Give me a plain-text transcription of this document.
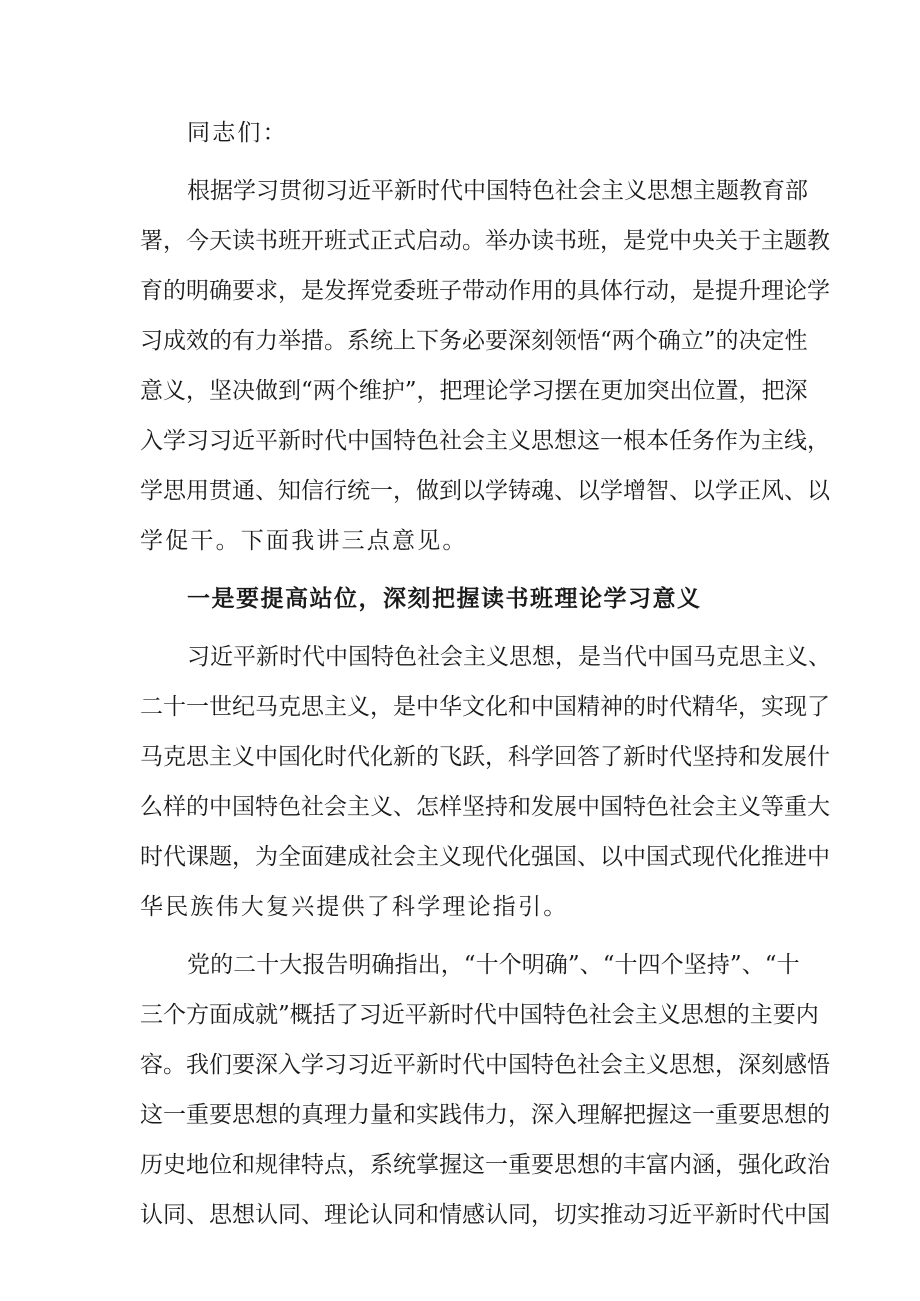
同志们：
根 据 学 习 贯 彻 习 近 平 新 时 代 中 国 特 色 社 会 主 义 思 想 主 题 教 育 部
署 ， 今 天 读 书 班 开 班 式 正 式 启 动 。 举 办 读 书 班 ， 是 党 中 央 关 于 主 题 教
育 的 明 确 要 求 ， 是 发 挥 党 委 班 子 带 动 作 用 的 具 体 行 动 ， 是 提 升 理 论 学
习 成 效 的 有 力 举 措 。 系 统 上 下 务 必 要 深 刻 领 悟 “ 两 个 确 立 ” 的 决 定 性
意 义 ， 坚 决 做 到 “ 两 个 维 护 ” ， 把 理 论 学 习 摆 在 更 加 突 出 位 置 ， 把 深
入 学 习 习 近 平 新 时 代 中 国 特 色 社 会 主 义 思 想 这 一 根 本 任 务 作 为 主 线 ，
学 思 用 贯 通 、 知 信 行 统 一 ， 做 到 以 学 铸 魂 、 以 学 增 智 、 以 学 正 风 、 以
学促干。下面我讲三点意见。
一是要提高站位，深刻把握读书班理论学习意义
习 近 平 新 时 代 中 国 特 色 社 会 主 义 思 想 ， 是 当 代 中 国 马 克 思 主 义 、
二 十 一 世 纪 马 克 思 主 义 ， 是 中 华 文 化 和 中 国 精 神 的 时 代 精 华 ， 实 现 了
马 克 思 主 义 中 国 化 时 代 化 新 的 飞 跃 ， 科 学 回 答 了 新 时 代 坚 持 和 发 展 什
么 样 的 中 国 特 色 社 会 主 义 、 怎 样 坚 持 和 发 展 中 国 特 色 社 会 主 义 等 重 大
时 代 课 题 ， 为 全 面 建 成 社 会 主 义 现 代 化 强 国 、 以 中 国 式 现 代 化 推 进 中
华民族伟大复兴提供了科学理论指引。
党 的 二 十 大 报 告 明 确 指 出 ， “ 十 个 明 确 ” 、 “ 十 四 个 坚 持 ” 、 “ 十
三 个 方 面 成 就 ” 概 括 了 习 近 平 新 时 代 中 国 特 色 社 会 主 义 思 想 的 主 要 内
容 。 我 们 要 深 入 学 习 习 近 平 新 时 代 中 国 特 色 社 会 主 义 思 想 ， 深 刻 感 悟
这 一 重 要 思 想 的 真 理 力 量 和 实 践 伟 力 ， 深 入 理 解 把 握 这 一 重 要 思 想 的
历 史 地 位 和 规 律 特 点 ， 系 统 掌 握 这 一 重 要 思 想 的 丰 富 内 涵 ， 强 化 政 治
认 同 、 思 想 认 同 、 理 论 认 同 和 情 感 认 同 ， 切 实 推 动 习 近 平 新 时 代 中 国
